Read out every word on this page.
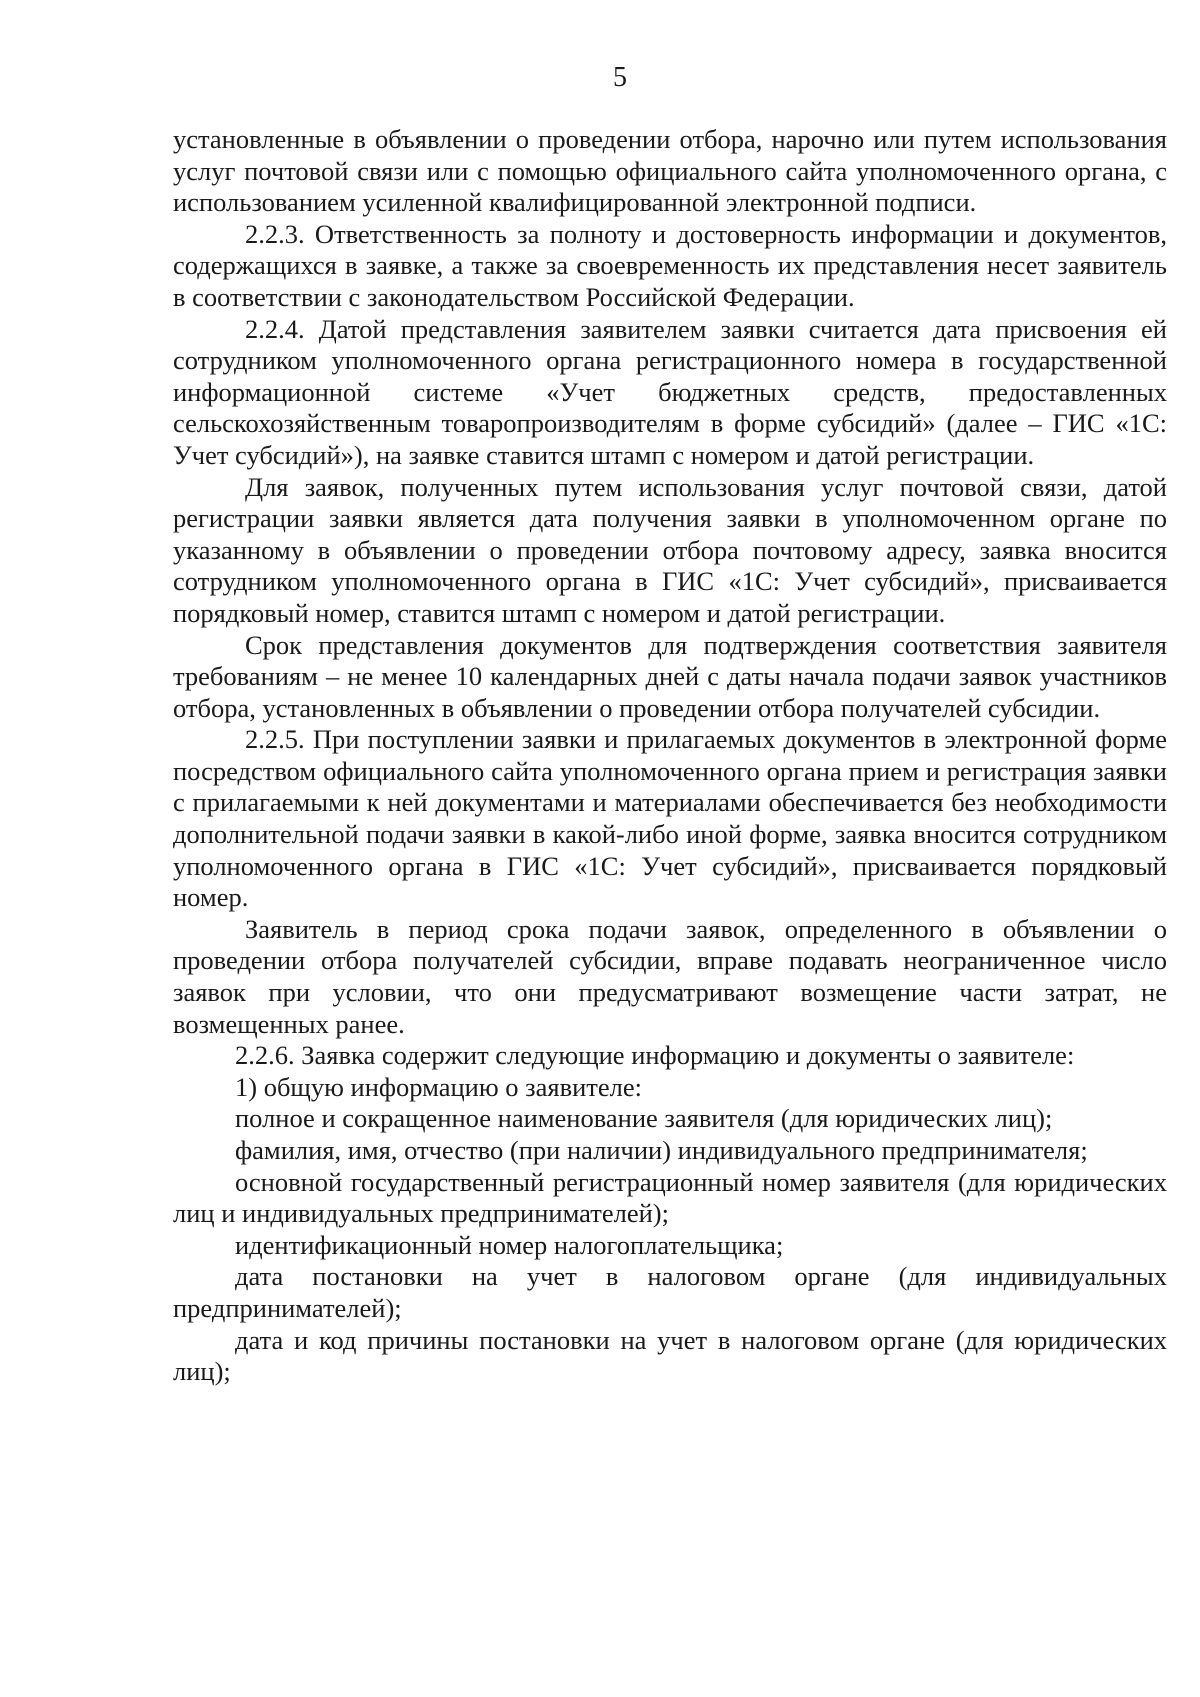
5

установленные в объявлении о проведении отбора, нарочно или путем использования услуг почтовой связи или с помощью официального сайта уполномоченного органа, с использованием усиленной квалифицированной электронной подписи.

2.2.3. Ответственность за полноту и достоверность информации и документов, содержащихся в заявке, а также за своевременность их представления несет заявитель в соответствии с законодательством Российской Федерации.

2.2.4. Датой представления заявителем заявки считается дата присвоения ей сотрудником уполномоченного органа регистрационного номера в государственной информационной системе «Учет бюджетных средств, предоставленных сельскохозяйственным товаропроизводителям в форме субсидий» (далее – ГИС «1С: Учет субсидий»), на заявке ставится штамп с номером и датой регистрации.

Для заявок, полученных путем использования услуг почтовой связи, датой регистрации заявки является дата получения заявки в уполномоченном органе по указанному в объявлении о проведении отбора почтовому адресу, заявка вносится сотрудником уполномоченного органа в ГИС «1С: Учет субсидий», присваивается порядковый номер, ставится штамп с номером и датой регистрации.

Срок представления документов для подтверждения соответствия заявителя требованиям – не менее 10 календарных дней с даты начала подачи заявок участников отбора, установленных в объявлении о проведении отбора получателей субсидии.

2.2.5. При поступлении заявки и прилагаемых документов в электронной форме посредством официального сайта уполномоченного органа прием и регистрация заявки с прилагаемыми к ней документами и материалами обеспечивается без необходимости дополнительной подачи заявки в какой-либо иной форме, заявка вносится сотрудником уполномоченного органа в ГИС «1С: Учет субсидий», присваивается порядковый номер.

Заявитель в период срока подачи заявок, определенного в объявлении о проведении отбора получателей субсидии, вправе подавать неограниченное число заявок при условии, что они предусматривают возмещение части затрат, не возмещенных ранее.

2.2.6. Заявка содержит следующие информацию и документы о заявителе:

1) общую информацию о заявителе:

полное и сокращенное наименование заявителя (для юридических лиц);

фамилия, имя, отчество (при наличии) индивидуального предпринимателя;

основной государственный регистрационный номер заявителя (для юридических лиц и индивидуальных предпринимателей);

идентификационный номер налогоплательщика;

дата постановки на учет в налоговом органе (для индивидуальных предпринимателей);

дата и код причины постановки на учет в налоговом органе (для юридических лиц);
